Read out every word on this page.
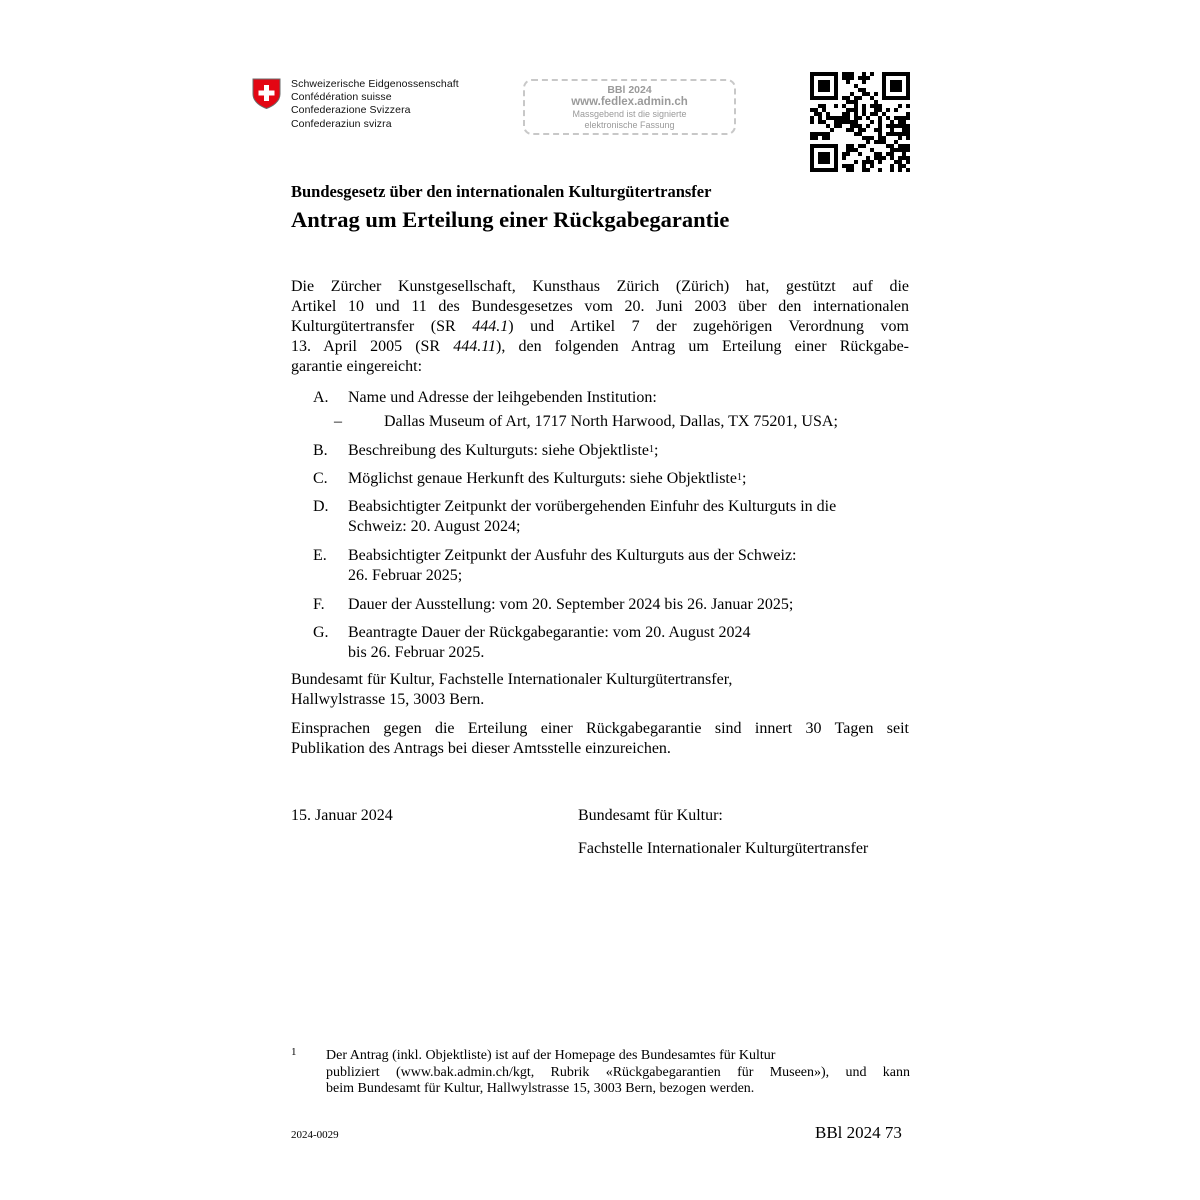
Schweizerische Eidgenossenschaft
Confédération suisse
Confederazione Svizzera
Confederaziun svizra
BBl 2024
www.fedlex.admin.ch
Massgebend ist die signierte
elektronische Fassung
Bundesgesetz über den internationalen Kulturgütertransfer
Antrag um Erteilung einer Rückgabegarantie
Die Zürcher Kunstgesellschaft, Kunsthaus Zürich (Zürich) hat, gestützt auf die
Artikel 10 und 11 des Bundesgesetzes vom 20. Juni 2003 über den internationalen
Kulturgütertransfer (SR 444.1) und Artikel 7 der zugehörigen Verordnung vom
13. April 2005 (SR 444.11), den folgenden Antrag um Erteilung einer Rückgabe-
garantie eingereicht:
A. Name und Adresse der leihgebenden Institution:
–	Dallas Museum of Art, 1717 North Harwood, Dallas, TX 75201, USA;
B. Beschreibung des Kulturguts: siehe Objektliste$^1$;
C. Möglichst genaue Herkunft des Kulturguts: siehe Objektliste$^1$;
D. Beabsichtigter Zeitpunkt der vorübergehenden Einfuhr des Kulturguts in die
Schweiz: 20. August 2024;
E. Beabsichtigter Zeitpunkt der Ausfuhr des Kulturguts aus der Schweiz:
26. Februar 2025;
F. Dauer der Ausstellung: vom 20. September 2024 bis 26. Januar 2025;
G. Beantragte Dauer der Rückgabegarantie: vom 20. August 2024
bis 26. Februar 2025.
Bundesamt für Kultur, Fachstelle Internationaler Kulturgütertransfer,
Hallwylstrasse 15, 3003 Bern.
Einsprachen gegen die Erteilung einer Rückgabegarantie sind innert 30 Tagen seit
Publikation des Antrags bei dieser Amtsstelle einzureichen.
15. Januar 2024	Bundesamt für Kultur:
Fachstelle Internationaler Kulturgütertransfer
1 Der Antrag (inkl. Objektliste) ist auf der Homepage des Bundesamtes für Kultur
publiziert (www.bak.admin.ch/kgt, Rubrik «Rückgabegarantien für Museen»), und kann
beim Bundesamt für Kultur, Hallwylstrasse 15, 3003 Bern, bezogen werden.
2024-0029	BBl 2024 73
